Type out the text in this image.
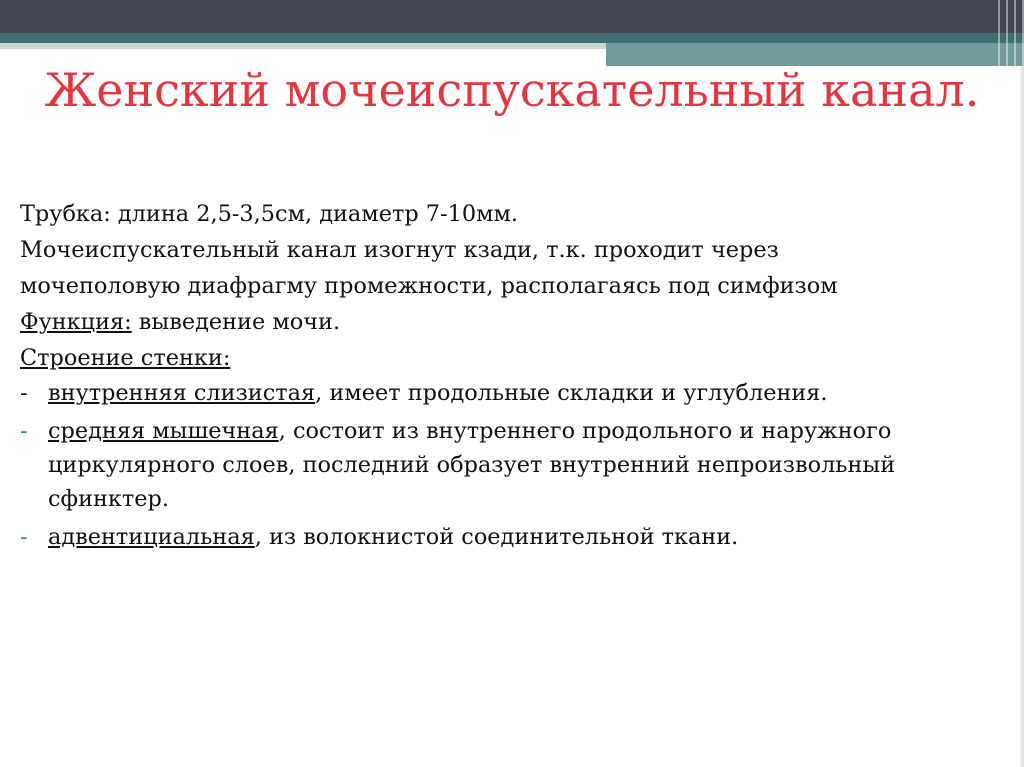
Женский мочеиспускательный канал.

Трубка: длина 2,5-3,5см, диаметр 7-10мм.

Мочеиспускательный канал изогнут кзади, т.к. проходит через

мочеполовую диафрагму промежности, располагаясь под симфизом

Функция: выведение мочи.

Строение стенки:

- внутренняя слизистая, имеет продольные складки и углубления.
- средняя мышечная, состоит из внутреннего продольного и наружного циркулярного слоев, последний образует внутренний непроизвольный сфинктер.
- адвентициальная, из волокнистой соединительной ткани.
